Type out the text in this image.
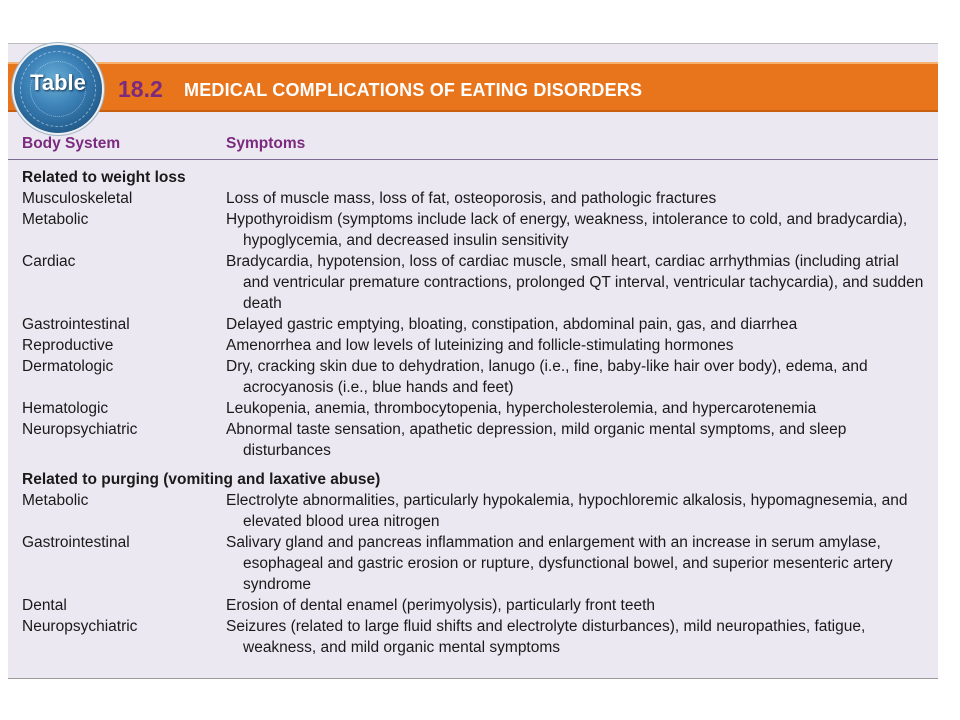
18.2 MEDICAL COMPLICATIONS OF EATING DISORDERS
Table
Body System	Symptoms
Related to weight loss
Musculoskeletal	Loss of muscle mass, loss of fat, osteoporosis, and pathologic fractures
Metabolic	Hypothyroidism (symptoms include lack of energy, weakness, intolerance to cold, and bradycardia), hypoglycemia, and decreased insulin sensitivity
Cardiac	Bradycardia, hypotension, loss of cardiac muscle, small heart, cardiac arrhythmias (including atrial and ventricular premature contractions, prolonged QT interval, ventricular tachycardia), and sudden death
Gastrointestinal	Delayed gastric emptying, bloating, constipation, abdominal pain, gas, and diarrhea
Reproductive	Amenorrhea and low levels of luteinizing and follicle-stimulating hormones
Dermatologic	Dry, cracking skin due to dehydration, lanugo (i.e., fine, baby-like hair over body), edema, and acrocyanosis (i.e., blue hands and feet)
Hematologic	Leukopenia, anemia, thrombocytopenia, hypercholesterolemia, and hypercarotenemia
Neuropsychiatric	Abnormal taste sensation, apathetic depression, mild organic mental symptoms, and sleep disturbances
Related to purging (vomiting and laxative abuse)
Metabolic	Electrolyte abnormalities, particularly hypokalemia, hypochloremic alkalosis, hypomagnesemia, and elevated blood urea nitrogen
Gastrointestinal	Salivary gland and pancreas inflammation and enlargement with an increase in serum amylase, esophageal and gastric erosion or rupture, dysfunctional bowel, and superior mesenteric artery syndrome
Dental	Erosion of dental enamel (perimyolysis), particularly front teeth
Neuropsychiatric	Seizures (related to large fluid shifts and electrolyte disturbances), mild neuropathies, fatigue, weakness, and mild organic mental symptoms
